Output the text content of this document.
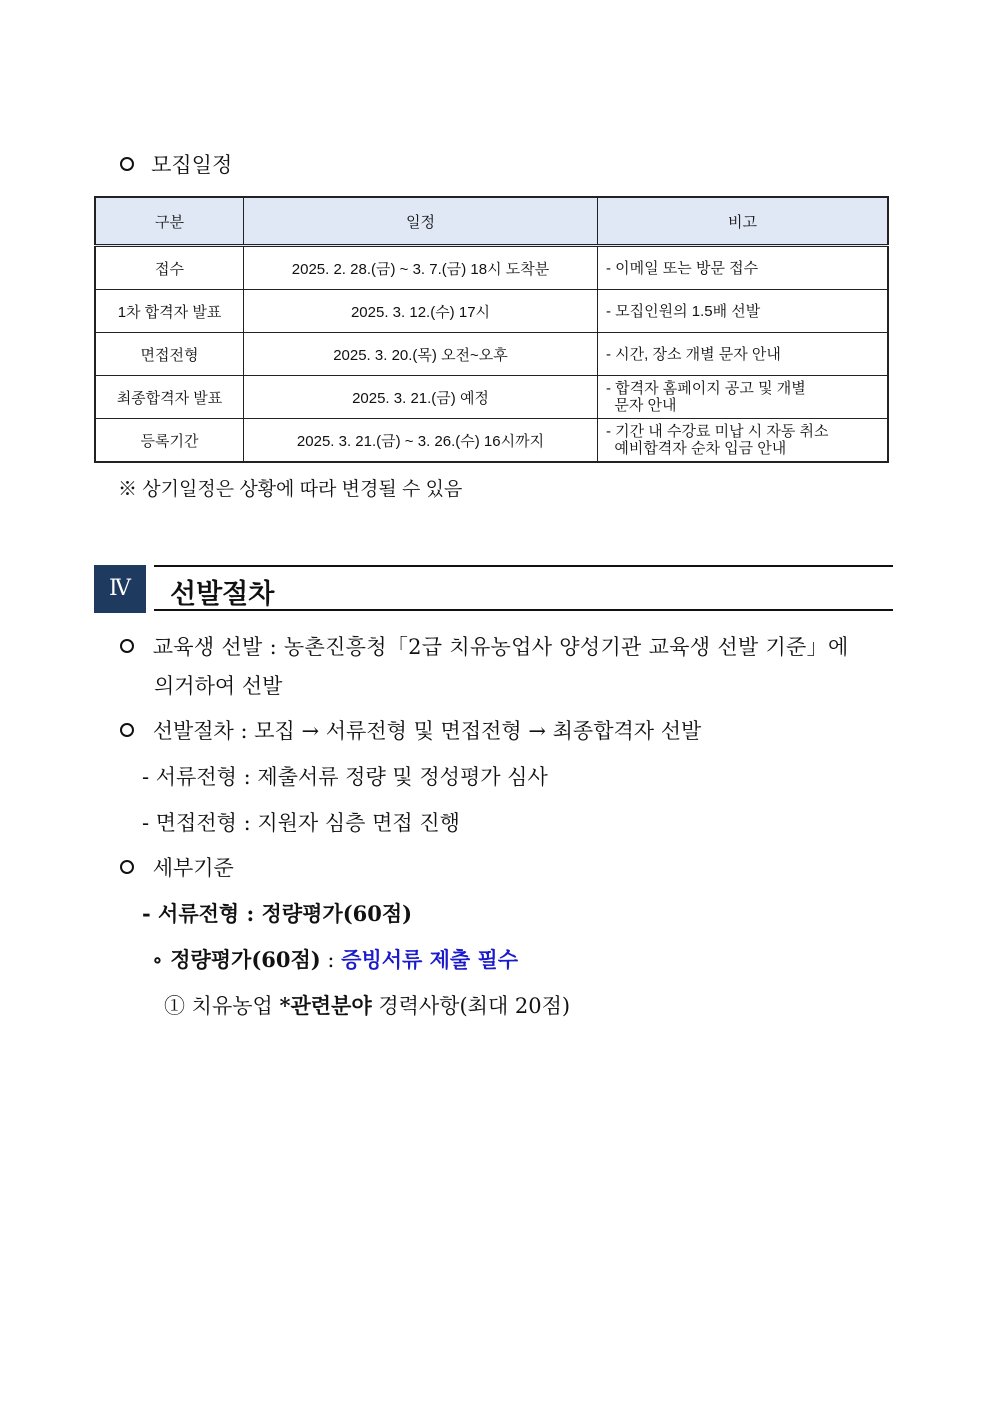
모집일정
구분	일정	비고
접수	2025. 2. 28.(금) ~ 3. 7.(금) 18시 도착분	- 이메일 또는 방문 접수
1차 합격자 발표	2025. 3. 12.(수) 17시	- 모집인원의 1.5배 선발
면접전형	2025. 3. 20.(목) 오전~오후	- 시간, 장소 개별 문자 안내
최종합격자 발표	2025. 3. 21.(금) 예정	- 합격자 홈페이지 공고 및 개별
문자 안내
등록기간	2025. 3. 21.(금) ~ 3. 26.(수) 16시까지	- 기간 내 수강료 미납 시 자동 취소
예비합격자 순차 입금 안내
※ 상기일정은 상황에 따라 변경될 수 있음
Ⅳ	선발절차
교육생 선발 : 농촌진흥청「2급 치유농업사 양성기관 교육생 선발 기준」에
의거하여 선발
선발절차 : 모집 → 서류전형 및 면접전형 → 최종합격자 선발
- 서류전형 : 제출서류 정량 및 정성평가 심사
- 면접전형 : 지원자 심층 면접 진행
세부기준
- 서류전형 : 정량평가(60점)
∘ 정량평가(60점) : 증빙서류 제출 필수
① 치유농업 *관련분야 경력사항(최대 20점)
